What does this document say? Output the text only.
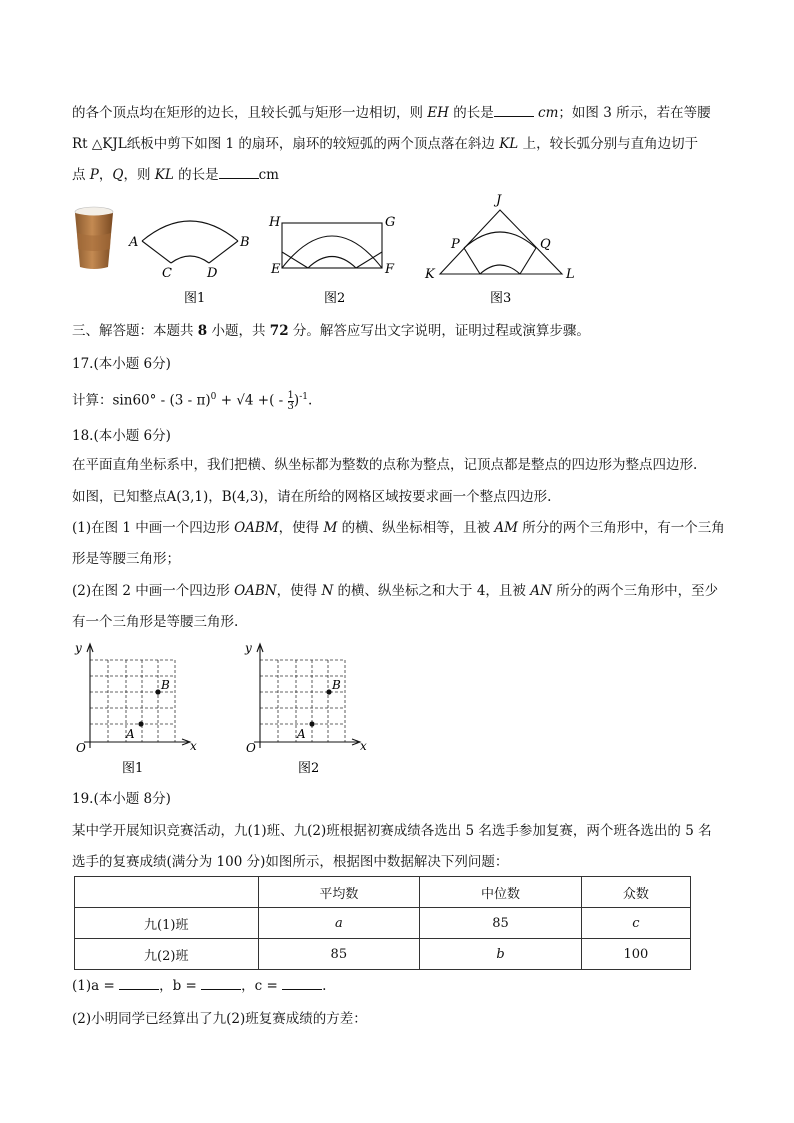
的各个顶点均在矩形的边长，且较长弧与矩形一边相切，则 EH 的长是	cm；如图 3 所示，若在等腰
Rt △KJL纸板中剪下如图 1 的扇环，扇环的较短弧的两个顶点落在斜边 KL 上，较长弧分别与直角边切于
点 P，Q，则 KL 的长是	cm
A	B
C	D
图1
H	G
E	F
图2
J
P	Q
K	L
图3
三、解答题：本题共 8 小题，共 72 分。解答应写出文字说明，证明过程或演算步骤。
17.(本小题 6分)
计算：sin60° - (3 - π)$^0$ + √4 +( - $\frac{1}{3} )^{-1}$.
18.(本小题 6分)
在平面直角坐标系中，我们把横、纵坐标都为整数的点称为整点，记顶点都是整点的四边形为整点四边形.
如图，已知整点A(3,1)，B(4,3)，请在所给的网格区域按要求画一个整点四边形.
(1)在图 1 中画一个四边形 OABM，使得 M 的横、纵坐标相等，且被 AM 所分的两个三角形中，有一个三角
形是等腰三角形；
(2)在图 2 中画一个四边形 OABN，使得 N 的横、纵坐标之和大于 4，且被 AN 所分的两个三角形中，至少
有一个三角形是等腰三角形.
y
x
O
A
B
图1
y
x
O
A
B
图2
19.(本小题 8分)
某中学开展知识竞赛活动，九(1)班、九(2)班根据初赛成绩各选出 5 名选手参加复赛，两个班各选出的 5 名
选手的复赛成绩(满分为 100 分)如图所示，根据图中数据解决下列问题：
	平均数	中位数	众数
九(1)班	a	85	c
九(2)班	85	b	100
(1)a =	，b =	，c =	.
(2)小明同学已经算出了九(2)班复赛成绩的方差：
